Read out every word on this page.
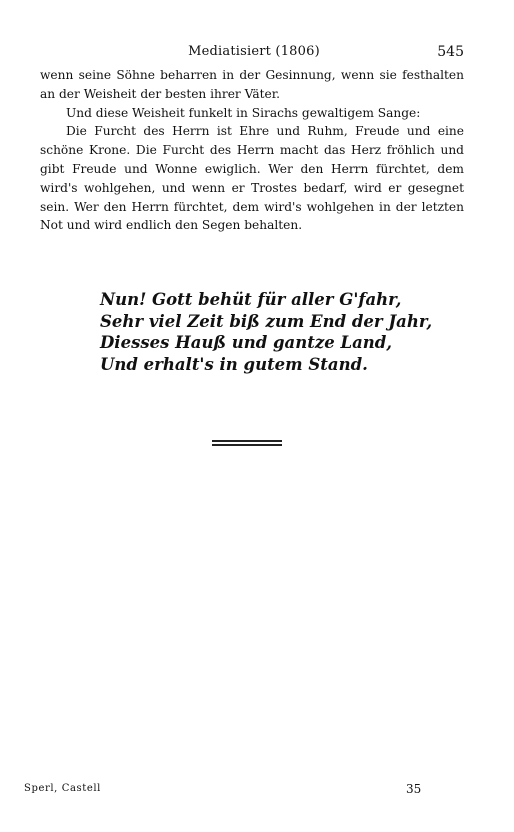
Mediatisiert (1806)	545

wenn seine Söhne beharren in der Gesinnung, wenn sie festhalten an der Weisheit der besten ihrer Väter.

Und diese Weisheit funkelt in Sirachs gewaltigem Sange:

Die Furcht des Herrn ist Ehre und Ruhm, Freude und eine schöne Krone. Die Furcht des Herrn macht das Herz fröhlich und gibt Freude und Wonne ewiglich. Wer den Herrn fürchtet, dem wird's wohlgehen, und wenn er Trostes bedarf, wird er gesegnet sein. Wer den Herrn fürchtet, dem wird's wohlgehen in der letzten Not und wird endlich den Segen behalten.

Nun! Gott behüt für aller G'fahr,
Sehr viel Zeit biß zum End der Jahr,
Diesses Hauß und gantze Land,
Und erhalt's in gutem Stand.
Sperl, Castell	35
